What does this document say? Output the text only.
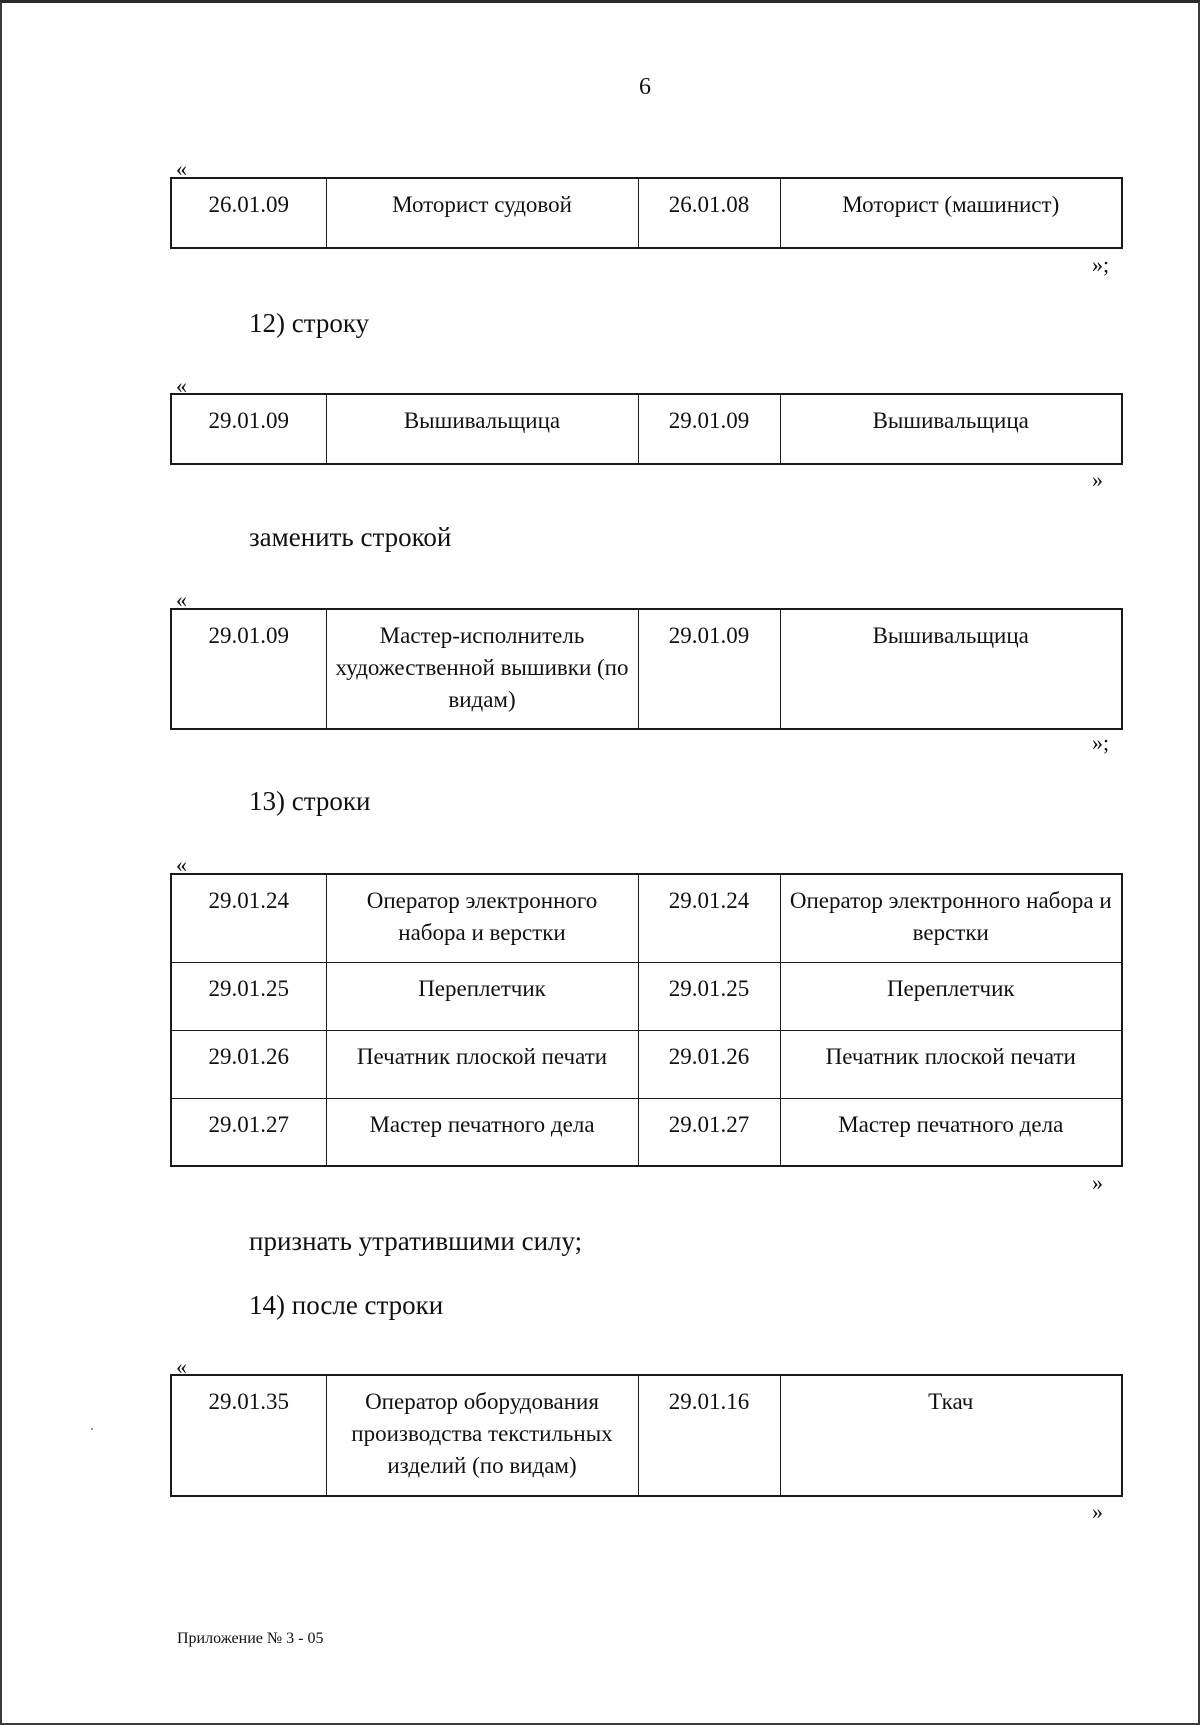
6
«
26.01.09	Моторист судовой	26.01.08	Моторист (машинист)
»;
12) строку
«
29.01.09	Вышивальщица	29.01.09	Вышивальщица
»
заменить строкой
«
29.01.09	Мастер-исполнитель художественной вышивки (по видам)	29.01.09	Вышивальщица
»;
13) строки
«
29.01.24	Оператор электронного набора и верстки	29.01.24	Оператор электронного набора и верстки
29.01.25	Переплетчик	29.01.25	Переплетчик
29.01.26	Печатник плоской печати	29.01.26	Печатник плоской печати
29.01.27	Мастер печатного дела	29.01.27	Мастер печатного дела
»
признать утратившими силу;
14) после строки
«
29.01.35	Оператор оборудования производства текстильных изделий (по видам)	29.01.16	Ткач
»
Приложение № 3 - 05
